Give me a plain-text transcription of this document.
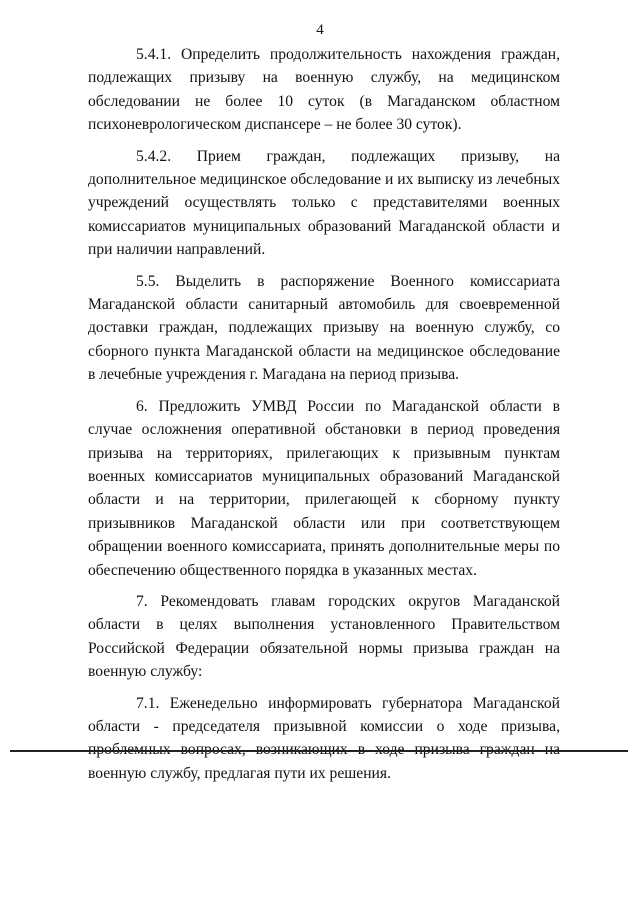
4

5.4.1. Определить продолжительность нахождения граждан, подлежащих призыву на военную службу, на медицинском обследовании не более 10 суток (в Магаданском областном психоневрологическом диспансере – не более 30 суток).

5.4.2. Прием граждан, подлежащих призыву, на дополнительное медицинское обследование и их выписку из лечебных учреждений осуществлять только с представителями военных комиссариатов муниципальных образований Магаданской области и при наличии направлений.

5.5. Выделить в распоряжение Военного комиссариата Магаданской области санитарный автомобиль для своевременной доставки граждан, подлежащих призыву на военную службу, со сборного пункта Магаданской области на медицинское обследование в лечебные учреждения г. Магадана на период призыва.

6. Предложить УМВД России по Магаданской области в случае осложнения оперативной обстановки в период проведения призыва на территориях, прилегающих к призывным пунктам военных комиссариатов муниципальных образований Магаданской области и на территории, прилегающей к сборному пункту призывников Магаданской области или при соответствующем обращении военного комиссариата, принять дополнительные меры по обеспечению общественного порядка в указанных местах.

7. Рекомендовать главам городских округов Магаданской области в целях выполнения установленного Правительством Российской Федерации обязательной нормы призыва граждан на военную службу:

7.1. Еженедельно информировать губернатора Магаданской области - председателя призывной комиссии о ходе призыва, проблемных вопросах, возникающих в ходе призыва граждан на военную службу, предлагая пути их решения.
